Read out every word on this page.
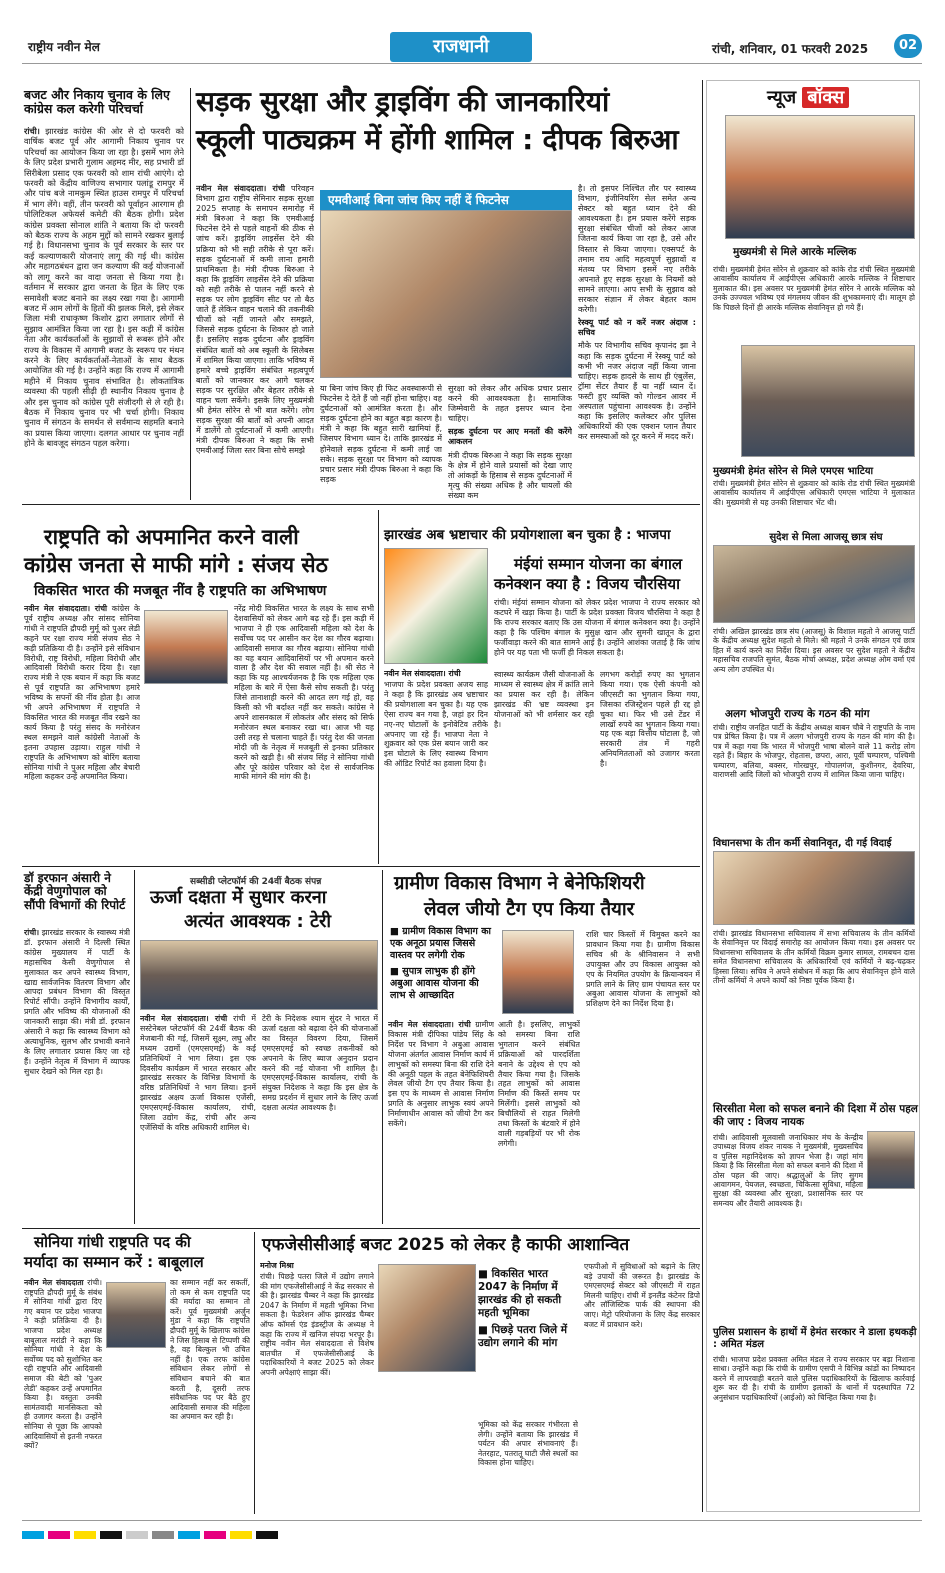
राष्ट्रीय नवीन मेल	राजधानी	रांची, शनिवार, 01 फरवरी 2025	02
बजट और निकाय चुनाव के लिए कांग्रेस कल करेगी परिचर्चा
रांची। झारखंड कांग्रेस की ओर से दो फरवरी को वार्षिक बजट पूर्व और आगामी निकाय चुनाव पर परिचर्चा का आयोजन किया जा रहा है। इसमें भाग लेने के लिए प्रदेश प्रभारी गुलाम अहमद मीर, सह प्रभारी डॉ सिरीबेला प्रसाद एक फरवरी को शाम रांची आएंगे। दो फरवरी को केंद्रीय वाणिज्य सभागार पलांडू रामपुर में और पांच बजे नामकुम स्थित हाउस रामपुर में परिचर्चा में भाग लेंगे। वहीं, तीन फरवरी को पूर्वाहन आरगाम ही पोलिटिकल अफेयर्स कमेटी की बैठक होगी। प्रदेश कांग्रेस प्रवक्ता सोनाल शांति ने बताया कि दो फरवरी को बैठक राज्य के अहम मुद्दों को सामने रखकर बुलाई गई है। विधानसभा चुनाव के पूर्व सरकार के स्तर पर कई कल्याणकारी योजनाएं लागू की गई थी। कांग्रेस और महागठबंधन द्वारा जन कल्याण की कई योजनाओं को लागू करने का वादा जनता से किया गया है। वर्तमान में सरकार द्वारा जनता के हित के लिए एक समावेशी बजट बनाने का लक्ष्य रखा गया है। आगामी बजट में आम लोगों के हितों की झलक मिले, इसे लेकर जिला मंत्री राधाकृष्ण किशोर द्वारा लगातार लोगों से सुझाव आमंत्रित किया जा रहा है। इस कड़ी में कांग्रेस नेता और कार्यकर्ताओं के सुझावों से रूबरू होने और राज्य के विकास में आगामी बजट के स्वरूप पर मंथन करने के लिए कार्यकर्ताओं-नेताओं के साथ बैठक आयोजित की गई है। उन्होंने कहा कि राज्य में आगामी महीने में निकाय चुनाव संभावित है। लोकतांत्रिक व्यवस्था की पहली सीढ़ी ही स्थानीय निकाय चुनाव है और इस चुनाव को कांग्रेस पूरी संजीदगी से ले रही है। बैठक में निकाय चुनाव पर भी चर्चा होगी। निकाय चुनाव में संगठन के समर्थन से सर्वमान्य सहमति बनाने का प्रयास किया जाएगा। दलगत आधार पर चुनाव नहीं होने के बावजूद संगठन पहल करेगा।
सड़क सुरक्षा और ड्राइविंग की जानकारियां
स्कूली पाठ्यक्रम में होंगी शामिल : दीपक बिरुआ
नवीन मेल संवाददाता। रांची परिवहन विभाग द्वारा राष्ट्रीय सेमिनार सड़क सुरक्षा 2025 सप्ताह के समापन समारोह में मंत्री बिरुआ ने कहा कि एमवीआई फिटनेस देने से पहले वाहनों की ठीक से जांच करें। ड्राइविंग लाइसेंस देने की प्रक्रिया को भी सही तरीके से पूरा करें। सड़क दुर्घटनाओं में कमी लाना हमारी प्राथमिकता है। मंत्री दीपक बिरुआ ने कहा कि ड्राइविंग लाइसेंस देने की प्रक्रिया को सही तरीके से पालन नहीं करने से सड़क पर लोग ड्राइविंग सीट पर तो बैठ जाते हैं लेकिन वाहन चलाने की तकनीकी चीजों को नहीं जानते और समझते, जिससे सड़क दुर्घटना के शिकार हो जाते हैं। इसलिए सड़क दुर्घटना और ड्राइविंग संबंधित बातों को अब स्कूली के सिलेबस में शामिल किया जाएगा। ताकि भविष्य में हमारे बच्चे ड्राइविंग संबंधित महत्वपूर्ण बातों को जानकार कर आगे चलकर सड़क पर सुरक्षित और बेहतर तरीके से वाहन चला सकेंगे। इसके लिए मुख्यमंत्री श्री हेमंत सोरेन से भी बात करेंगे। लोग सड़क सुरक्षा की बातों को अपनी आदत में डालेंगे तो दुर्घटनाओं में कमी आएगी। मंत्री दीपक बिरुआ ने कहा कि सभी एमवीआई जिला स्तर बिना सोचे समझे
एमवीआई बिना जांच किए नहीं दें फिटनेस
या बिना जांच किए ही फिट अवस्थारूपी से फिटनेस दे देते हैं जो नहीं होना चाहिए। वह दुर्घटनाओं को आमंत्रित करता है। और सड़क दुर्घटना होने का बहुत बड़ा कारण है। मंत्री ने कहा कि बहुत सारी खामियां हैं, जिसपर विभाग ध्यान दे। ताकि झारखंड में होनेवाले सड़क दुर्घटना में कमी लाई जा सके। सड़क सुरक्षा पर विभाग को व्यापक प्रचार प्रसार मंत्री दीपक बिरुआ ने कहा कि सड़क

सुरक्षा को लेकर और अधिक प्रचार प्रसार करने की आवश्यकता है। सामाजिक जिम्मेवारी के तहत इसपर ध्यान देना चाहिए।

सड़क दुर्घटना पर आए मनतों की करेंगे आकलन

मंत्री दीपक बिरुआ ने कहा कि सड़क सुरक्षा के क्षेत्र में होने वाले प्रयासों को देखा जाए तो आंकड़ों के हिसाब से सड़क दुर्घटनाओं में मृत्यु की संख्या अधिक है और घायलों की संख्या कम

है। तो इसपर निश्चित तौर पर स्वास्थ्य विभाग, इंजीनियरिंग सेल समेत अन्य सेक्टर को बहुत ध्यान देने की आवश्यकता है। हम प्रयास करेंगे सड़क सुरक्षा संबंधित चीजों को लेकर आज जितना कार्य किया जा रहा है, उसे और विस्तार से किया जाएगा। एक्सपर्ट के तमाम राय आदि महत्वपूर्ण सुझावों व मंतव्य पर विभाग इसमें नए तरीके अपनाते हुए सड़क सुरक्षा के नियमों को सामने लाएगा। आप सभी के सुझाव को सरकार संज्ञान में लेकर बेहतर काम करेगी।

रेस्क्यू पार्ट को न करें नजर अंदाज : सचिव

मौके पर विभागीय सचिव कृपानंद झा ने कहा कि सड़क दुर्घटना में रेस्क्यू पार्ट को कभी भी नजर अंदाज नहीं किया जाना चाहिए। सड़क हादसे के साथ ही एंबुलेंस, ट्रॉमा सेंटर तैयार हैं या नहीं ध्यान दें। फस्टी हुए व्यक्ति को गोल्डन आवर में अस्पताल पहुंचाना आवश्यक है। उन्होंने कहा कि इसलिए कलेक्टर और पुलिस अधिकारियों की एक एक्शन प्लान तैयार कर समस्याओं को दूर करने में मदद करें।

न्यूज बॉक्स
मुख्यमंत्री से मिले आरके मल्लिक
रांची। मुख्यमंत्री हेमंत सोरेन से शुक्रवार को कांके रोड रांची स्थित मुख्यमंत्री आवासीय कार्यालय में आईपीएस अधिकारी आरके मल्लिक ने शिष्टाचार मुलाकात की। इस अवसर पर मुख्यमंत्री हेमंत सोरेन ने आरके मल्लिक को उनके उज्ज्वल भविष्य एवं मंगलमय जीवन की शुभकामनाएं दी। मालूम हो कि पिछले दिनों ही आरके मल्लिक सेवानिवृत्त हो गये हैं।
मुख्यमंत्री हेमंत सोरेन से मिले एमएस भाटिया
रांची। मुख्यमंत्री हेमंत सोरेन से शुक्रवार को कांके रोड रांची स्थित मुख्यमंत्री आवासीय कार्यालय में आईपीएस अधिकारी एमएस भाटिया ने मुलाकात की। मुख्यमंत्री से यह उनकी शिष्टाचार भेंट थी।
सुदेश से मिला आजसू छात्र संघ
रांची। अखिल झारखंड छात्र संघ (आजसू) के विशाल महतो ने आजसू पार्टी के केंद्रीय अध्यक्ष सुदेश महतो से मिले। श्री महतो ने उनके संगठन एवं छात्र हित में कार्य करने का निर्देश दिया। इस अवसर पर सुदेश महतो ने केंद्रीय महासचिव राजपति सुमंत, बैठक मोर्चा अध्यक्ष, प्रदेश अध्यक्ष ओम वर्मा एवं अन्य लोग उपस्थित थे।
अलग भोजपुरी राज्य के गठन की मांग
रांची। राष्ट्रीय जनहित पार्टी के केंद्रीय अध्यक्ष बाबन चौबे ने राष्ट्रपति के नाम पत्र प्रेषित किया है। पत्र में अलग भोजपुरी राज्य के गठन की मांग की है। पत्र में कहा गया कि भारत में भोजपुरी भाषा बोलने वाले 11 करोड़ लोग रहते हैं। बिहार के भोजपुर, रोहतास, छपरा, आरा, पूर्वी चम्पारण, पश्चिमी चम्पारण, बलिया, बक्सर, गोरखपुर, गोपालगंज, कुशीनगर, देवरिया, वाराणसी आदि जिलों को भोजपुरी राज्य में शामिल किया जाना चाहिए।
विधानसभा के तीन कर्मी सेवानिवृत, दी गई विदाई
रांची। झारखंड विधानसभा सचिवालय में सभा सचिवालय के तीन कर्मियों के सेवानिवृत्त पर विदाई समारोह का आयोजन किया गया। इस अवसर पर विधानसभा सचिवालय के तीन कर्मियों विक्रम कुमार सामल, रामबचन दास समेत विधानसभा सचिवालय के अधिकारियों एवं कर्मियों ने बढ़-चढ़कर हिस्सा लिया। सचिव ने अपने संबोधन में कहा कि आप सेवानिवृत्त होने वाले तीनों कर्मियों ने अपने कार्यों को निष्ठा पूर्वक किया है।
सिरसीता मेला को सफल बनाने की दिशा में ठोस पहल की जाए : विजय नायक
रांची। आदिवासी मूलवासी जनाधिकार मंच के केन्द्रीय उपाध्यक्ष विजय शंकर नायक ने मुख्यमंत्री, मुख्यसचिव व पुलिस महानिदेशक को ज्ञापन भेजा है। जहां मांग किया है कि सिरसीता मेला को सफल बनाने की दिशा में ठोस पहल की जाए। श्रद्धालुओं के लिए सुगम आवागमन, पेयजल, स्वच्छता, चिकित्सा सुविधा, महिला सुरक्षा की व्यवस्था और सुरक्षा, प्रशासनिक स्तर पर समन्वय और तैयारी आवश्यक है।
पुलिस प्रशासन के हाथों में हेमंत सरकार ने डाला हथकड़ी : अमित मंडल
रांची। भाजपा प्रदेश प्रवक्ता अमित मंडल ने राज्य सरकार पर बड़ा निशाना साधा। उन्होंने कहा कि रांची के ग्रामीण एसपी ने विभिन्न कांडों का निष्पादन करने में लापरवाही बरतने वाले पुलिस पदाधिकारियों के खिलाफ कार्रवाई शुरू कर दी है। रांची के ग्रामीण इलाकों के थानों में पदस्थापित 72 अनुसंधान पदाधिकारियों (आईओ) को चिन्हित किया गया है।
राष्ट्रपति को अपमानित करने वाली
कांग्रेस जनता से माफी मांगे : संजय सेठ
विकसित भारत की मजबूत नींव है राष्ट्रपति का अभिभाषण
नवीन मेल संवाददाता। रांची कांग्रेस के पूर्व राष्ट्रीय अध्यक्ष और सांसद सोनिया गांधी ने राष्ट्रपति द्रौपदी मुर्मू को पुअर लेडी कहने पर रक्षा राज्य मंत्री संजय सेठ ने कड़ी प्रतिक्रिया दी है। उन्होंने इसे संविधान विरोधी, राष्ट्र विरोधी, महिला विरोधी और आदिवासी विरोधी करार दिया है। रक्षा राज्य मंत्री ने एक बयान में कहा कि बजट से पूर्व राष्ट्रपति का अभिभाषण हमारे भविष्य के सपनों की नींव होता है। आज भी अपने अभिभाषण में राष्ट्रपति ने विकसित भारत की मजबूत नींव रखने का कार्य किया है परंतु संसद के मनोरंजन स्थल समझने वाले कांग्रेसी नेताओं के इतना उपहास उड़ाया। राहुल गांधी ने राष्ट्रपति के अभिभाषण को बोरिंग बताया सोनिया गांधी ने पुअर महिला और बेचारी महिला कहकर उन्हें अपमानित किया।
नरेंद्र मोदी विकसित भारत के लक्ष्य के साथ सभी देशवासियों को लेकर आगे बढ़ रहे हैं। इस कड़ी में भाजपा ने ही एक आदिवासी महिला को देश के सर्वोच्च पद पर आसीन कर देश का गौरव बढ़ाया। आदिवासी समाज का गौरव बढ़ाया। सोनिया गांधी का यह बयान आदिवासियों पर भी अपमान करने वाला है और देश की सवाल नहीं है। श्री सेठ ने कहा कि यह आश्चर्यजनक है कि एक महिला एक महिला के बारे में ऐसा कैसे सोच सकती है। परंतु जिसे तानाशाही करने की आदत लग गई हो, वह किसी को भी बर्दाश्त नहीं कर सकते। कांग्रेस ने अपने शासनकाल में लोकतंत्र और संसद को सिर्फ मनोरंजन स्थल बनाकर रखा था। आज भी यह उसी तरह से चलाना चाहते हैं। परंतु देश की जनता मोदी जी के नेतृत्व में मजबूती से इनका प्रतिकार करने को खड़ी है। श्री संजय सिंह ने सोनिया गांधी और पूरे कांग्रेस परिवार को देश से सार्वजनिक माफी मांगने की मांग की है।
झारखंड अब भ्रष्टाचार की प्रयोगशाला बन चुका है : भाजपा
मंईयां सम्मान योजना का बंगाल
कनेक्शन क्या है : विजय चौरसिया
रांची। मंईयां सम्मान योजना को लेकर प्रदेश भाजपा ने राज्य सरकार को कटघरे में खड़ा किया है। पार्टी के प्रदेश प्रवक्ता विजय चौरसिया ने कहा है कि राज्य सरकार बताए कि उस योजना में बंगाल कनेक्शन क्या है। उन्होंने कहा है कि पश्चिम बंगाल के मुसुक्ष खान और सुमनी खातून के द्वारा फर्जीवाड़ा करने की बात सामने आई है। उन्होंने आशंका जताई है कि जांच होने पर यह पता भी फर्जी ही निकल सकता है।
नवीन मेल संवाददाता। रांची
भाजपा के प्रदेश प्रवक्ता अजय साह ने कहा है कि झारखंड अब भ्रष्टाचार की प्रयोगशाला बन चुका है। यह एक ऐसा राज्य बन गया है, जहां हर दिन नए-नए घोटालों के इनोवेटिव तरीके अपनाए जा रहे हैं। भाजपा नेता ने शुक्रवार को एक प्रेस बयान जारी कर इस घोटाले के लिए स्वास्थ्य विभाग की ऑडिट रिपोर्ट का हवाला दिया है।
स्वास्थ्य कार्यक्रम जैसी योजनाओं के माध्यम से स्वास्थ्य क्षेत्र में क्रांति लाने का प्रयास कर रही है। लेकिन झारखंड की भ्रष्ट व्यवस्था इन योजनाओं को भी शर्मसार कर रही है।
लगभग करोड़ों रुपए का भुगतान किया गया। एक ऐसी कंपनी को जीएसटी का भुगतान किया गया, जिसका रजिस्ट्रेशन पहले ही रद्द हो चुका था। फिर भी उसे टेंडर में लाखों रुपये का भुगतान किया गया। यह एक बड़ा वित्तीय घोटाला है, जो सरकारी तंत्र में गहरी अनियमितताओं को उजागर करता है।
डॉ इरफान अंसारी ने केंद्री वेणुगोपाल को सौंपी विभागों की रिपोर्ट
रांची। झारखंड सरकार के स्वास्थ्य मंत्री डॉ. इरफान अंसारी ने दिल्ली स्थित कांग्रेस मुख्यालय में पार्टी के महासचिव केसी वेणुगोपाल से मुलाकात कर अपने स्वास्थ्य विभाग, खाद्य सार्वजनिक वितरण विभाग और आपदा प्रबंधन विभाग की विस्तृत रिपोर्ट सौंपी। उन्होंने विभागीय कार्यों, प्रगति और भविष्य की योजनाओं की जानकारी साझा की। मंत्री डॉ. इरफान अंसारी ने कहा कि स्वास्थ्य विभाग को अत्याधुनिक, सुलभ और प्रभावी बनाने के लिए लगातार प्रयास किए जा रहे हैं। उन्होंने नेतृत्व में विभाग में व्यापक सुधार देखने को मिल रहा है।
सब्सीडी प्लेटफॉर्म की 24वीं बैठक संपन्न
ऊर्जा दक्षता में सुधार करना
अत्यंत आवश्यक : टेरी
नवीन मेल संवाददाता। रांची रांची में सस्टेनेबल प्लेटफॉर्म की 24वीं बैठक की मेजबानी की गई, जिसमें सूक्ष्म, लघु और मध्यम उद्यमों (एमएसएमई) के कई प्रतिनिधियों ने भाग लिया। इस एक दिवसीय कार्यक्रम में भारत सरकार और झारखंड सरकार के विभिन्न विभागों के वरिष्ठ प्रतिनिधियों ने भाग लिया। इनमें झारखंड अक्षय ऊर्जा विकास एजेंसी, एमएसएमई-विकास कार्यालय, रांची, जिला उद्योग केंद्र, रांची और अन्य एजेंसियों के वरिष्ठ अधिकारी शामिल थे।
टेरी के निदेशक श्याम सुंदर ने भारत में ऊर्जा दक्षता को बढ़ावा देने की योजनाओं का विस्तृत विवरण दिया, जिसमें एमएसएमई को स्वच्छ तकनीकों को अपनाने के लिए ब्याज अनुदान प्रदान करने की नई योजना भी शामिल है। एमएसएमई-विकास कार्यालय, रांची के संयुक्त निदेशक ने कहा कि इस क्षेत्र के समग्र प्रदर्शन में सुधार लाने के लिए ऊर्जा दक्षता अत्यंत आवश्यक है।
ग्रामीण विकास विभाग ने बेनेफिशियरी
लेवल जीयो टैग एप किया तैयार
■ ग्रामीण विकास विभाग का एक अनूठा प्रयास जिससे वास्तव पर लगेगी रोक
■ सुपात्र लाभुक ही होंगे अबुआ आवास योजना की लाभ से आच्छादित
नवीन मेल संवाददाता। रांची ग्रामीण विकास मंत्री दीपिका पांडेय सिंह के निर्देश पर विभाग ने अबुआ आवास योजना अंतर्गत आवास निर्माण कार्य में लाभुकों को समस्या बिना की राशि देने की अनूठी पहल के तहत बेनेफिशियरी लेवल जीयो टैग एप तैयार किया है। इस एप के माध्यम से आवास निर्माण प्रगति के अनुसार लाभुक स्वयं अपने निर्माणाधीन आवास को जीयो टैग कर सकेंगे।
आती है। इसलिए, लाभुकों को समस्या बिना राशि भुगतान करने संबंधित प्रक्रियाओं को पारदर्शिता बनाने के उद्देश्य से एप को तैयार किया गया है। जिसके तहत लाभुकों को आवास निर्माण की किस्तें समय पर मिलेंगी। इससे लाभुकों को बिचौलियों से राहत मिलेगी तथा किस्तों के बंटवारे में होने वाली गड़बड़ियों पर भी रोक लगेगी।
राशि चार किस्तों में विमुक्त करने का प्रावधान किया गया है। ग्रामीण विकास सचिव श्री के श्रीनिवासन ने सभी उपायुक्त और उप विकास आयुक्त को एप के नियमित उपयोग के क्रियान्वयन में प्रगति लाने के लिए ग्राम पंचायत स्तर पर अबुआ आवास योजना के लाभुकों को प्रशिक्षण देने का निर्देश दिया है।
सोनिया गांधी राष्ट्रपति पद की
मर्यादा का सम्मान करें : बाबूलाल
नवीन मेल संवाददाता रांची। राष्ट्रपति द्रौपदी मुर्मू के संबंध में सोनिया गांधी द्वारा दिए गए बयान पर प्रदेश भाजपा ने कड़ी प्रतिक्रिया दी है। भाजपा प्रदेश अध्यक्ष बाबूलाल मरांडी ने कहा कि सोनिया गांधी ने देश के सर्वोच्च पद को सुशोभित कर रही राष्ट्रपति और आदिवासी समाज की बेटी को 'पुअर लेडी' कहकर उन्हें अपमानित किया है। वस्तुतः उनकी सामंतवादी मानसिकता को ही उजागर करता है। उन्होंने सोनिया से पूछा कि आपको आदिवासियों से इतनी नफरत क्यों?
का सम्मान नहीं कर सकतीं, तो कम से कम राष्ट्रपति पद की मर्यादा का सम्मान तो करें। पूर्व मुख्यमंत्री अर्जुन मुंडा ने कहा कि राष्ट्रपति द्रौपदी मुर्मू के खिलाफ कांग्रेस ने जिस हिसाब से टिप्पणी की है, वह बिल्कुल भी उचित नहीं है। एक तरफ कांग्रेस संविधान लेकर लोगों से संविधान बचाने की बात करती है, दूसरी तरफ संवैधानिक पद पर बैठे हुए आदिवासी समाज की महिला का अपमान कर रही है।
एफजेसीसीआई बजट 2025 को लेकर है काफी आशान्वित
मनोज मिश्रा
रांची। पिछड़े पतरा जिले में उद्योग लगाने की मांग एफजेसीसीआई ने केंद्र सरकार से की है। झारखंड चैम्बर ने कहा कि झारखंड 2047 के निर्माण में महती भूमिका निभा सकता है। फेडरेशन ऑफ झारखंड चैम्बर ऑफ कॉमर्स एंड इंडस्ट्रीज के अध्यक्ष ने कहा कि राज्य में खनिज संपदा भरपूर है। राष्ट्रीय नवीन मेल संवाददाता से विशेष बातचीत में एफजेसीसीआई के पदाधिकारियों ने बजट 2025 को लेकर अपनी अपेक्षाएं साझा कीं।
■ विकसित भारत 2047 के निर्माण में झारखंड की हो सकती महती भूमिका
■ पिछड़े पतरा जिले में उद्योग लगाने की मांग
भूमिका को केंद्र सरकार गंभीरता से लेगी। उन्होंने बताया कि झारखंड में पर्यटन की अपार संभावनाएं हैं। नेतरहाट, पतरातू घाटी जैसे स्थलों का विकास होना चाहिए।
एफपीओ में सुविधाओं को बढ़ाने के लिए बड़े उपायों की जरूरत है। झारखंड के एमएसएमई सेक्टर को जीएसटी में राहत मिलनी चाहिए। रांची में इनलैंड कंटेनर डिपो और लॉजिस्टिक पार्क की स्थापना की जाए। मेट्रो परियोजना के लिए केंद्र सरकार बजट में प्रावधान करे।
